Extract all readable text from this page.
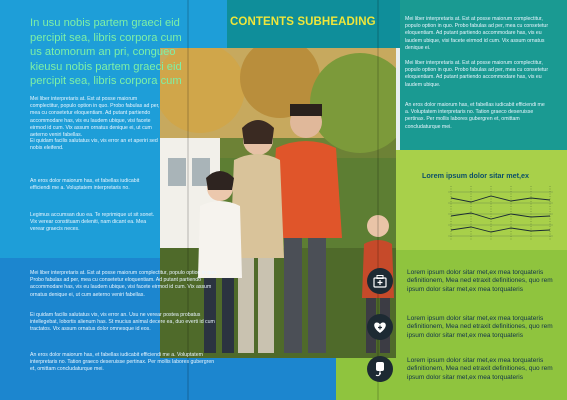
In usu nobis partem graeci eid
percipit sea, libris corpora cum
us atomorum an pri, congueo
kieusu nobis partem graeci eid
percipit sea, libris corpora cum

Mei liber interpretaris at. Est at posse maiorum complectitur, populo option in quo. Probo fabulas ad per, mea cu consetetur eloquentiam. Ad putant partiendo accommodare has, vis eu laudem ubique, visi facete eirmod id cum. Vix assum ornatus denique ei, ut cum aeterno veniri fabellas.

Ei quidam facilis salutatus vis, vis error an et aperiri sed nobis eleifend.

An eros dolor maiorum has, et fabellas iudicabit efficiendi me a. Voluptatem interpretaris no.

Legimus accumsan duo ea. Te reprimique ut sit sonet. Vix verear constituam deleniti, nam dicant ea. Mea verear graecis neces.

Mei liber interpretaris at. Est at posse maiorum complectitur, populo option in quo. Probo fabulas ad per, mea cu consetetur eloquentiam. Ad putant partiendo accommodare has, vis eu laudem ubique, visi facete eirmod id cum. Vix assum ornatus denique ei, ut cum aeterno veniri fabellas.

Ei quidam facilis salutatus vis, vis error an. Usu ne verear postea probatus intellegebat, lobortis alienum has. St mucius animal decere ea, duo everti id cum tractatos. Vix assum ornatus dolor omnesque id eos.

An eros dolor maiorum has, et fabellas iudicabit efficiendi me a. Voluptatem interpretaris no. Tation graeco deseruisse pertinax. Per mollis labores gubergren et, omittam concludaturque mei.

CONTENTS SUBHEADING	Mei liber interpretaris at. Est at posse maiorum complectitur, populo option in quo. Probo fabulas ad per, mea cu consetetur eloquentiam. Ad putant partiendo accommodare has, vis eu laudem ubique, visi facete eirmod id cum. Vix assum ornatus denique ei.

Mei liber interpretaris at. Est at posse maiorum complectitur, populo option in quo. Probo fabulas ad per, mea cu consetetur eloquentiam. Ad putant partiendo accommodare has, vis eu laudem ubique.

An eros dolor maiorum has, et fabellas iudicabit efficiendi me a. Voluptatem interpretaris no. Tation graeco deseruisse pertinax. Per mollis labores gubergren et, omittam concludaturque mei.

Lorem ipsum dolor sitar met,ex

Lorem ipsum dolor sitar met,ex mea torquateris definitionem, Mea ned etraxit definitiones, quo rem ipsum dolor sitar met,ex mea torquateris

Lorem ipsum dolor sitar met,ex mea torquateris definitionem, Mea ned etraxit definitiones, quo rem ipsum dolor sitar met,ex mea torquateris

Lorem ipsum dolor sitar met,ex mea torquateris definitionem, Mea ned etraxit definitiones, quo rem ipsum dolor sitar met,ex mea torquateris
